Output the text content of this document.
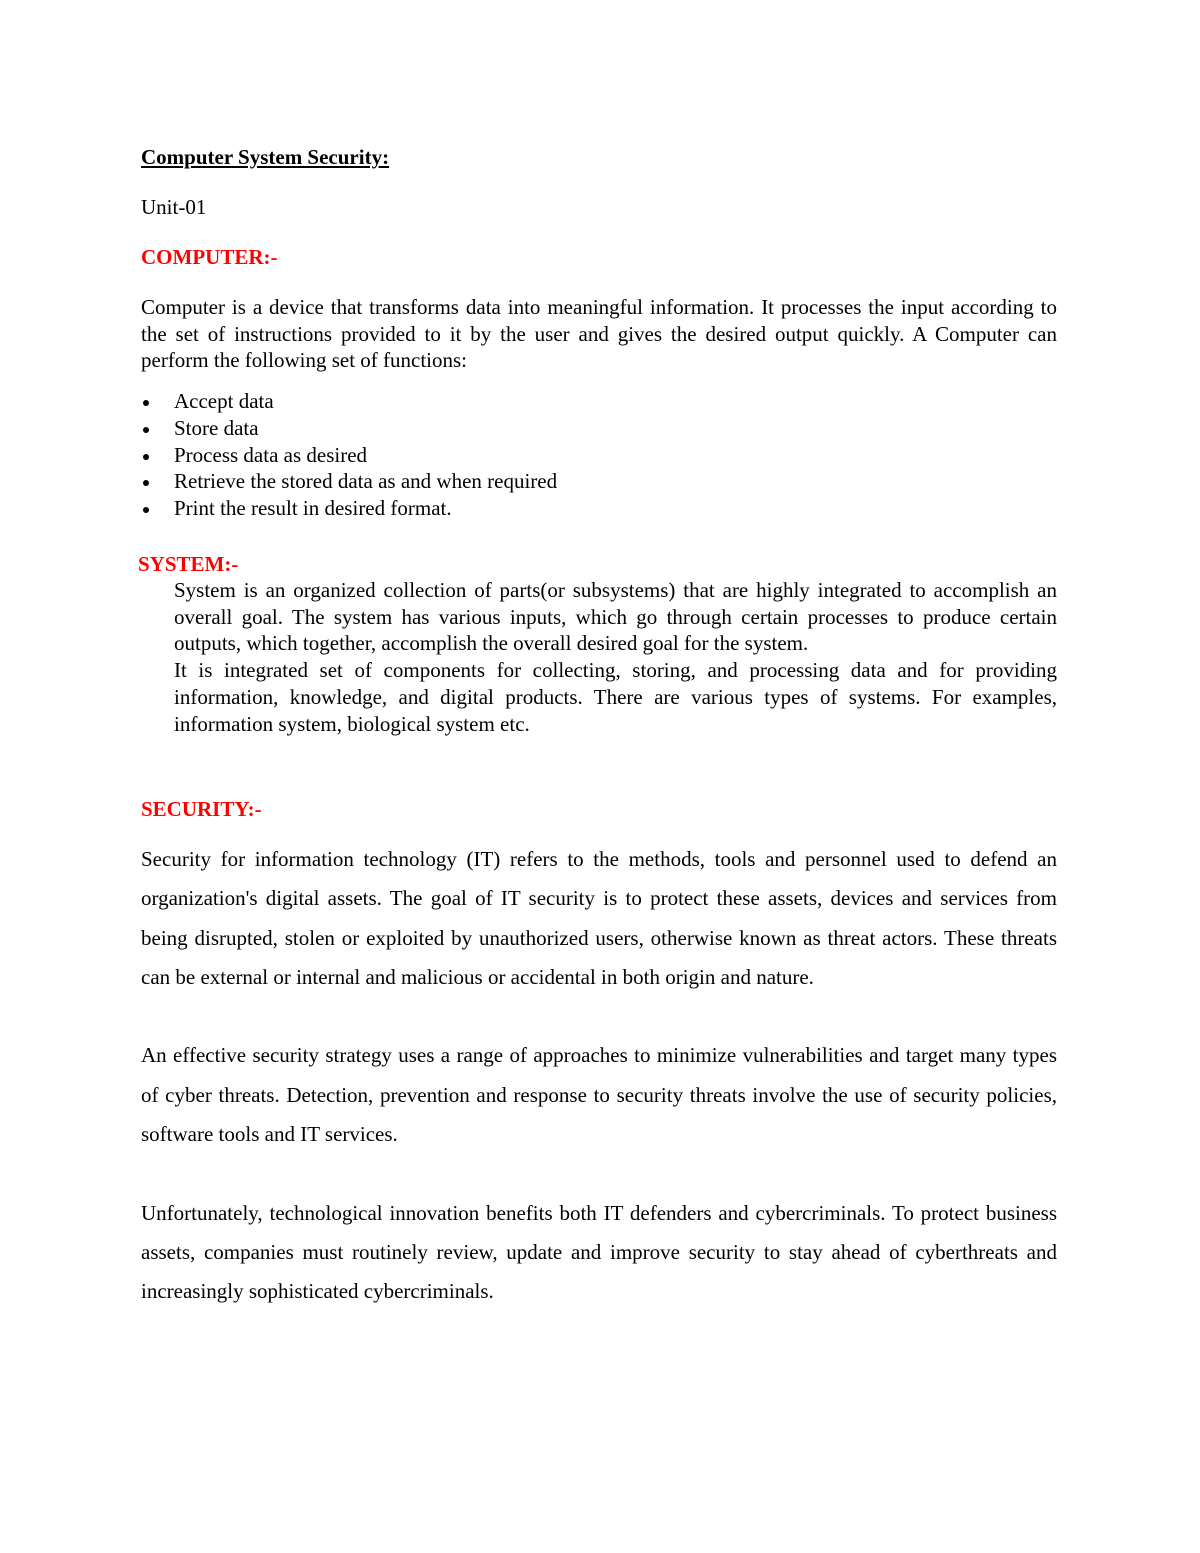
Computer System Security:
Unit-01
COMPUTER:-

Computer is a device that transforms data into meaningful information. It processes the input according to the set of instructions provided to it by the user and gives the desired output quickly. A Computer can perform the following set of functions:

Accept data
Store data
Process data as desired
Retrieve the stored data as and when required
Print the result in desired format.
SYSTEM:-

System is an organized collection of parts(or subsystems) that are highly integrated to accomplish an overall goal. The system has various inputs, which go through certain processes to produce certain outputs, which together, accomplish the overall desired goal for the system.

It is integrated set of components for collecting, storing, and processing data and for providing information, knowledge, and digital products. There are various types of systems. For examples, information system, biological system etc.

SECURITY:-

Security for information technology (IT) refers to the methods, tools and personnel used to defend an organization's digital assets. The goal of IT security is to protect these assets, devices and services from being disrupted, stolen or exploited by unauthorized users, otherwise known as threat actors. These threats can be external or internal and malicious or accidental in both origin and nature.

An effective security strategy uses a range of approaches to minimize vulnerabilities and target many types of cyber threats. Detection, prevention and response to security threats involve the use of security policies, software tools and IT services.

Unfortunately, technological innovation benefits both IT defenders and cybercriminals. To protect business assets, companies must routinely review, update and improve security to stay ahead of cyberthreats and increasingly sophisticated cybercriminals.
